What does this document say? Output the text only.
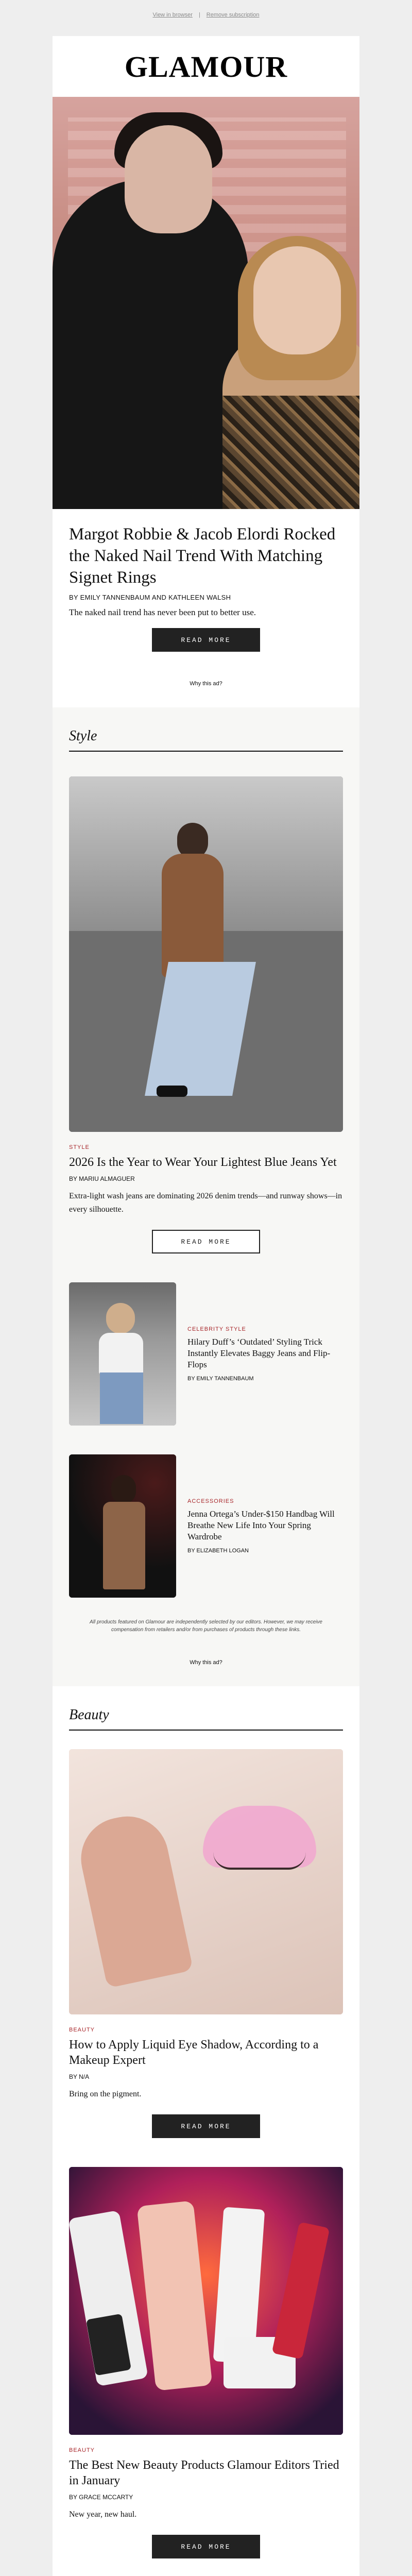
View in browser | Remove subscription
GLAMOUR
Margot Robbie & Jacob Elordi Rocked the Naked Nail Trend With Matching Signet Rings
BY EMILY TANNENBAUM AND KATHLEEN WALSH
The naked nail trend has never been put to better use.
READ MORE
Why this ad?
Style
STYLE
2026 Is the Year to Wear Your Lightest Blue Jeans Yet
BY MARIU ALMAGUER
Extra-light wash jeans are dominating 2026 denim trends—and runway shows—in every silhouette.
READ MORE
CELEBRITY STYLE
Hilary Duff’s ‘Outdated’ Styling Trick Instantly Elevates Baggy Jeans and Flip-Flops
BY EMILY TANNENBAUM
ACCESSORIES
Jenna Ortega’s Under-$150 Handbag Will Breathe New Life Into Your Spring Wardrobe
BY ELIZABETH LOGAN
All products featured on Glamour are independently selected by our editors. However, we may receive compensation from retailers and/or from purchases of products through these links.
Why this ad?
Beauty
BEAUTY
How to Apply Liquid Eye Shadow, According to a Makeup Expert
BY N/A
Bring on the pigment.
READ MORE
BEAUTY
The Best New Beauty Products Glamour Editors Tried in January
BY GRACE MCCARTY
New year, new haul.
READ MORE
